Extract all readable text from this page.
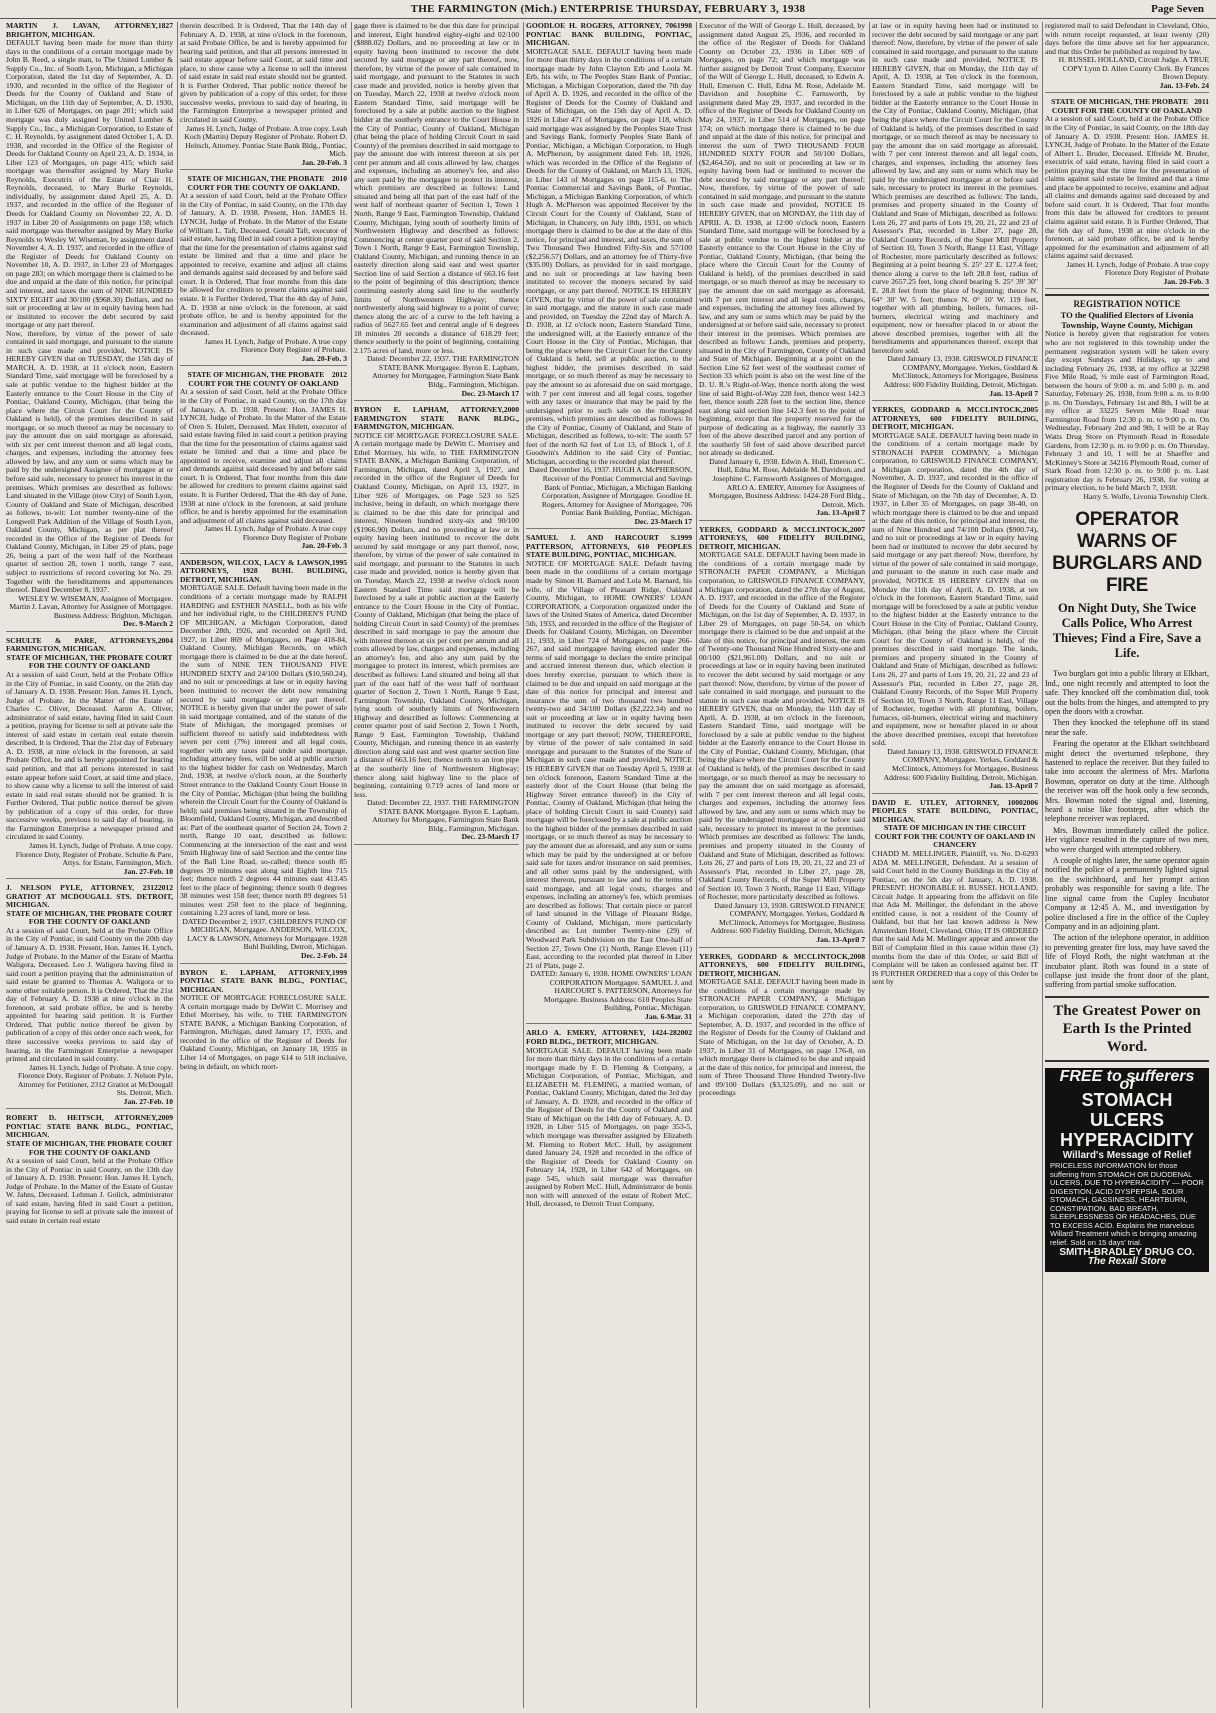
THE FARMINGTON (Mich.) ENTERPRISE THURSDAY, FEBRUARY 3, 1938	Page Seven
1827
MARTIN J. LAVAN, ATTORNEY, BRIGHTON, MICHIGAN.
DEFAULT having been made for more than thirty days in the conditions of a certain mortgage made by John B. Reed, a single man, to The United Lumber & Supply Co., Inc. of South Lyon, Michigan, a Michigan Corporation, dated the 1st day of September, A. D. 1930, and recorded in the office of the Register of Deeds for the County of Oakland and State of Michigan, on the 11th day of September, A. D. 1930, in Liber 626 of Mortgages, on page 201; which said mortgage was duly assigned by United Lumber & Supply Co., Inc., a Michigan Corporation, to Estate of C. H. Reynolds, by assignment dated October 1, A. D. 1938, and recorded in the Office of the Register of Deeds for Oakland County on April 23, A. D. 1934, in Liber 123 of Mortgages, on page 415; which said mortgage was thereafter assigned by Mary Burke Reynolds, Executrix of the Estate of Clair H. Reynolds, deceased, to Mary Burke Reynolds, individually, by assignment dated April 25, A. D. 1937, and recorded in the office of the Register of Deeds for Oakland County on November 22, A. D. 1937 in Liber 20 of Assignments on page 158; which said mortgage was thereafter assigned by Mary Burke Reynolds to Wesley W. Wiseman, by assignment dated November 4, A. D. 1937, and recorded in the office of the Register of Deeds for Oakland County on November 10, A. D. 1937, in Liber 23 of Mortgages on page 283; on which mortgage there is claimed to be due and unpaid at the date of this notice, for principal and interest, and taxes the sum of NINE HUNDRED SIXTY EIGHT and 30/100 ($968.30) Dollars, and no suit or proceeding at law or in equity having been had or instituted to recover the debt secured by said mortgage or any part thereof.
Now, therefore, by virtue of the power of sale contained in said mortgage, and pursuant to the statute in such case made and provided, NOTICE IS HEREBY GIVEN that on TUESDAY, the 15th day of MARCH, A. D. 1938, at 11 o'clock noon, Eastern Standard Time, said mortgage will be foreclosed by a sale at public vendue to the highest bidder at the Easterly entrance to the Court House in the City of Pontiac, Oakland County, Michigan, (that being the place where the Circuit Court for the County of Oakland is held), of the premises described in said mortgage, or so much thereof as may be necessary to pay the amount due on said mortgage as aforesaid, with six per cent interest thereon and all legal costs, charges, and expenses, including the attorney fees allowed by law, and any sum or sums which may be paid by the undersigned Assignee of mortgagee at or before said sale, necessary to protect his interest in the premises. Which premises are described as follows: Land situated in the Village (now City) of South Lyon, County of Oakland and State of Michigan, described as follows, to-wit: Lot number twenty-nine of the Longwell Park Addition of the Village of South Lyon, Oakland County, Michigan, as per plat thereof recorded in the Office of the Register of Deeds for Oakland County, Michigan, in Liber 29 of plats, page 26, being a part of the west half of the Northeast quarter of section 28, town 1 north, range 7 east, subject to restrictions of record covering lot No. 29. Together with the hereditaments and appurtenances thereof. Dated December 8, 1937.
WESLEY W. WISEMAN, Assignee of Mortgagee. Martin J. Lavan, Attorney for Assignee of Mortgagee. Business Address: Brighton, Michigan.
Dec. 9-March 2
2004
SCHULTE & PARE, ATTORNEYS, FARMINGTON, MICHIGAN.
STATE OF MICHIGAN, THE PROBATE COURT FOR THE COUNTY OF OAKLAND
At a session of said Court, held at the Probate Office in the City of Pontiac, in said County, on the 26th day of January A. D. 1938. Present: Hon. James H. Lynch, Judge of Probate. In the Matter of the Estate of Charles C. Oliver, Deceased. Aaron A. Oliver, administrator of said estate, having filed in said Court a petition, praying for license to sell at private sale the interest of said estate in certain real estate therein described, It is Ordered, That the 21st day of February A. D. 1938, at nine o'clock in the forenoon, at said Probate Office, be and is hereby appointed for hearing said petition, and that all persons interested in said estate appear before said Court, at said time and place, to show cause why a license to sell the interest of said estate in said real estate should not be granted. It is Further Ordered, That public notice thereof be given by publication of a copy of this order, for three successive weeks, previous to said day of hearing, in the Farmington Enterprise a newspaper printed and circulated in said County.
James H. Lynch, Judge of Probate. A true copy. Florence Doty, Register of Probate. Schulte & Pare, Attys. for Estate, Farmington, Mich.
Jan. 27-Feb. 10
2012
J. NELSON PYLE, ATTORNEY, 2312 GRATIOT AT MCDOUGALL STS. DETROIT, MICHIGAN.
STATE OF MICHIGAN, THE PROBATE COURT FOR THE COUNTY OF OAKLAND
At a session of said Court, held at the Probate Office in the City of Pontiac, in said County on the 20th day of January A. D. 1938. Present, Hon. James H. Lynch, Judge of Probate. In the Matter of the Estate of Martha Waligora, Deceased. Leo J. Waligora having filed in said court a petition praying that the administration of said estate be granted to Thomas A. Waligora or to some other suitable person. It is Ordered, That the 21st day of February A. D. 1938 at nine o'clock in the forenoon, at said probate office, be and is hereby appointed for hearing said petition. It is Further Ordered, That public notice thereof be given by publication of a copy of this order once each week, for three successive weeks previous to said day of hearing, in the Farmington Enterprise a newspaper printed and circulated in said county.
James H. Lynch, Judge of Probate. A true copy. Florence Doty, Register of Probate. J. Nelson Pyle, Attorney for Petitioner, 2312 Gratiot at McDougall Sts. Detroit, Mich.
Jan. 27-Feb. 10
2009
ROBERT D. HEITSCH, ATTORNEY, PONTIAC STATE BANK BLDG., PONTIAC, MICHIGAN.
STATE OF MICHIGAN, THE PROBATE COURT FOR THE COUNTY OF OAKLAND
At a session of said Court, held at the Probate Office in the City of Pontiac in said County, on the 13th day of January A. D. 1938. Present: Hon. James H. Lynch, Judge of Probate. In the Matter of the Estate of Gustav W. Jahns, Deceased. Lehman J. Golick, administrator of said estate, having filed in said Court a petition, praying for license to sell at private sale the interest of said estate in certain real estate
therein described. It is Ordered, That the 14th day of February A. D. 1938, at nine o'clock in the forenoon, at said Probate Office, be and is hereby appointed for hearing said petition, and that all persons interested in said estate appear before said Court, at said time and place, to show cause why a license to sell the interest of said estate in said real estate should not be granted. It is Further Ordered, That public notice thereof be given by publication of a copy of this order, for three successive weeks, previous to said day of hearing, in the Farmington Enterprise a newspaper printed and circulated in said County.
James H. Lynch, Judge of Probate. A true copy. Leah Koch (Martin) Deputy Register of Probate. Robert D. Heitsch, Attorney. Pontiac State Bank Bldg., Pontiac, Mich.
Jan. 20-Feb. 3
2010
STATE OF MICHIGAN, THE PROBATE COURT FOR THE COUNTY OF OAKLAND.
At a session of said Court, held at the Probate Office in the City of Pontiac, in said County, on the 17th day of January, A. D. 1938. Present, Hon. JAMES H. LYNCH, Judge of Probate. In the Matter of the Estate of William L. Taft, Deceased. Gerald Taft, executor of said estate, having filed in said court a petition praying that the time for the presentation of claims against said estate be limited and that a time and place be appointed to receive, examine and adjust all claims and demands against said deceased by and before said court. It is Ordered, That four months from this date be allowed for creditors to present claims against said estate. It is Further Ordered, That the 4th day of June, A. D. 1938 at nine o'clock in the forenoon, at said probate office, be and is hereby appointed for the examination and adjustment of all claims against said deceased.
James H. Lynch, Judge of Probate. A true copy Florence Doty Register of Probate.
Jan. 20-Feb. 3
2012
STATE OF MICHIGAN, THE PROBATE COURT FOR THE COUNTY OF OAKLAND
At a session of said Court, held at the Probate Office in the City of Pontiac, in said County, on the 17th day of January, A. D. 1938. Present: Hon. JAMES H. LYNCH, Judge of Probate. In the Matter of the Estate of Oren S. Hulett, Deceased. Max Hulett, executor of said estate having filed in said court a petition praying that the time for the presentation of claims against said estate be limited and that a time and place be appointed to receive, examine and adjust all claims and demands against said deceased by and before said court. It is Ordered, That four months from this date be allowed for creditors to present claims against said estate. It is Further Ordered, That the 4th day of June, 1938 at nine o'clock in the forenoon, at said probate office, be and is hereby appointed for the examination and adjustment of all claims against said deceased.
James H. Lynch, Judge of Probate. A true copy Florence Doty Register of Probate
Jan. 20-Feb. 3
1995
ANDERSON, WILCOX, LACY & LAWSON, ATTORNEYS, 1928 BUHL BUILDING, DETROIT, MICHIGAN.
MORTGAGE SALE. Default having been made in the conditions of a certain mortgage made by RALPH HARDING and ESTHER NASELL, both as his wife and her individual right, to the CHILDREN'S FUND OF MICHIGAN, a Michigan Corporation, dated December 28th, 1926, and recorded on April 3rd, 1927, in Liber 869 of Mortgages, on Page 418-84, Oakland County, Michigan Records, on which mortgage there is claimed to be due at the date hereof, the sum of NINE TEN THOUSAND FIVE HUNDRED SIXTY and 24/100 Dollars ($10,560.24), and no suit or proceedings at law or in equity having been instituted to recover the debt now remaining secured by said mortgage or any part thereof. NOTICE is hereby given that under the power of sale in said mortgage contained, and of the statute of the State of Michigan, the mortgaged premises or sufficient thereof to satisfy said indebtedness with seven per cent (7%) interest and all legal costs, together with any taxes paid under said mortgage, including attorney fees, will be sold at public auction to the highest bidder for cash on Wednesday, March 2nd, 1938, at twelve o'clock noon, at the Southerly Street entrance to the Oakland County Court House in the City of Pontiac, Michigan (that being the building wherein the Circuit Court for the County of Oakland is held); said premises being situated in the Township of Bloomfield, Oakland County, Michigan, and described as: Part of the southeast quarter of Section 24, Town 2 north, Range 10 east, described as follows: Commencing at the intersection of the east and west Smith Highway line of said Section and the center line of the Ball Line Road, so-called; thence south 85 degrees 39 minutes east along said Eighth line 715 feet; thence north 2 degrees 44 minutes east 413.45 feet to the place of beginning; thence south 0 degrees 38 minutes west 158 feet; thence north 89 degrees 51 minutes west 250 feet to the place of beginning, containing 1.23 acres of land, more or less.
DATED December 2, 1937. CHILDREN'S FUND OF MICHIGAN, Mortgagee. ANDERSON, WILCOX, LACY & LAWSON, Attorneys for Mortgagee. 1928 Buhl Building, Detroit, Michigan.
Dec. 2-Feb. 24
1999
BYRON E. LAPHAM, ATTORNEY, PONTIAC STATE BANK BLDG., PONTIAC, MICHIGAN.
NOTICE OF MORTGAGE FORECLOSURE SALE. A certain mortgage made by DeWitt C. Morrisey and Ethel Morrisey, his wife, to THE FARMINGTON STATE BANK, a Michigan Banking Corporation, of Farmington, Michigan, dated January 17, 1935, and recorded in the office of the Register of Deeds for Oakland County, Michigan, on January 18, 1935 in Liber 14 of Mortgages, on page 614 to 518 inclusive, being in default, on which mort-
gage there is claimed to be due this date for principal and interest, Eight hundred eighty-eight and 02/100 ($888.02) Dollars, and no proceeding at law or in equity having been instituted to recover the debt secured by said mortgage or any part thereof, now, therefore, by virtue of the power of sale contained in said mortgage, and pursuant to the Statutes in such case made and provided, notice is hereby given that on Tuesday, March 22, 1938 at twelve o'clock noon Eastern Standard Time, said mortgage will be foreclosed by a sale at public auction to the highest bidder at the southerly entrance to the Court House in the City of Pontiac, County of Oakland, Michigan (that being the place of holding Circuit Court in said County) of the premises described in said mortgage to pay the amount due with interest thereon at six per cent per annum and all costs allowed by law, charges and expenses, including an attorney's fee, and also any sum paid by the mortgagee to protect its interest, which premises are described as follows: Land situated and being all that part of the east half of the west half of northeast quarter of Section 1, Town 1 North, Range 9 East, Farmington Township, Oakland County, Michigan, lying south of southerly limits of Northwestern Highway and described as follows: Commencing at center quarter post of said Section 2, Town 1 North, Range 9 East, Farmington Township, Oakland County, Michigan, and running thence in an easterly direction along said east and west quarter Section line of said Section a distance of 663.16 feet to the point of beginning of this description; thence continuing easterly along said line to the southerly limits of Northwestern Highway; thence northwesterly along said highway to a point of curve; thence along the arc of a curve to the left having a radius of 5627.65 feet and central angle of 6 degrees 18 minutes 20 seconds a distance of 618.29 feet; thence southerly to the point of beginning, containing 2.175 acres of land, more or less.
Dated: December 22, 1937. THE FARMINGTON STATE BANK Mortgagee. Byron E. Lapham, Attorney for Mortgagee, Farmington State Bank Bldg., Farmington, Michigan.
Dec. 23-March 17
2000
BYRON E. LAPHAM, ATTORNEY, FARMINGTON STATE BANK BLDG., FARMINGTON, MICHIGAN.
NOTICE OF MORTGAGE FORECLOSURE SALE. A certain mortgage made by DeWitt C. Morrisey and Ethel Morrisey, his wife, to THE FARMINGTON STATE BANK, a Michigan Banking Corporation, of Farmington, Michigan, dated April 3, 1927, and recorded in the office of the Register of Deeds for Oakland County, Michigan, on April 13, 1927, in Liber 926 of Mortgages, on Page 523 to 525 inclusive, being in default, on which mortgage there is claimed to be due this date for principal and interest, Nineteen hundred sixty-six and 90/100 ($1966.90) Dollars, and no proceeding at law or in equity having been instituted to recover the debt secured by said mortgage or any part thereof, now, therefore, by virtue of the power of sale contained in said mortgage, and pursuant to the Statutes in such case made and provided, notice is hereby given that on Tuesday, March 22, 1938 at twelve o'clock noon Eastern Standard Time said mortgage will be foreclosed by a sale at public auction at the Easterly entrance to the Court House in the City of Pontiac, County of Oakland, Michigan (that being the place of holding Circuit Court in said County) of the premises described in said mortgage to pay the amount due with interest thereon at six per cent per annum and all costs allowed by law, charges and expenses, including an attorney's fee, and also any sum paid by the mortgagee to protect its interest, which premises are described as follows: Land situated and being all that part of the east half of the west half of northeast quarter of Section 2, Town 1 North, Range 9 East, Farmington Township, Oakland County, Michigan, lying south of southerly limits of Northwestern Highway and described as follows: Commencing at center quarter post of said Section 2, Town 1 North, Range 9 East, Farmington Township, Oakland County, Michigan, and running thence in an easterly direction along said east and west quarter section line a distance of 663.16 feet; thence north to an iron pipe at the southerly line of Northwestern Highway; thence along said highway line to the place of beginning, containing 0.719 acres of land more or less.
Dated: December 22, 1937. THE FARMINGTON STATE BANK Mortgagee. Byron E. Lapham, Attorney for Mortgagee, Farmington State Bank Bldg., Farmington, Michigan.
Dec. 23-March 17
1998
GOODLOE H. ROGERS, ATTORNEY, 706 PONTIAC BANK BUILDING, PONTIAC, MICHIGAN.
MORTGAGE SALE. DEFAULT having been made for more than thirty days in the conditions of a certain mortgage made by John Clayton Erb and Loola M. Erb, his wife, to The Peoples State Bank of Pontiac, Michigan, a Michigan Corporation, dated the 7th day of April A. D. 1926, and recorded in the office of the Register of Deeds for the County of Oakland and State of Michigan, on the 15th day of April A. D. 1926 in Liber 471 of Mortgages, on page 118, which said mortgage was assigned by the Peoples State Trust and Savings Bank, formerly Peoples State Bank of Pontiac, Michigan, a Michigan Corporation, to Hugh A. McPherson, by assignment dated Feb. 18, 1926, which was recorded in the Office of the Register of Deeds for the County of Oakland, on March 13, 1926, in Liber 143 of Mortgages on page 115-6, to The Pontiac Commercial and Savings Bank, of Pontiac, Michigan, a Michigan Banking Corporation, of which Hugh A. McPherson was appointed Receiver by the Circuit Court for the County of Oakland, State of Michigan, in Chancery, on July 18th, 1931, on which mortgage there is claimed to be due at the date of this notice, for principal and interest, and taxes, the sum of Two Thousand Two Hundred Fifty-Six and 57/100 ($2,256.57) Dollars, and an attorney fee of Thirty-five ($35.00) Dollars, as provided for in said mortgage, and no suit or proceedings at law having been instituted to recover the moneys secured by said mortgage, or any part thereof. NOTICE IS HEREBY GIVEN, that by virtue of the power of sale contained in said mortgage, and the statute in such case made and provided, on Tuesday the 22nd day of March A. D. 1938, at 12 o'clock noon, Eastern Standard Time, the undersigned will, at the Easterly entrance of the Court House in the City of Pontiac, Michigan, that being the place where the Circuit Court for the County of Oakland is held, sell at public auction, to the highest bidder, the premises described in said mortgage, or so much thereof as may be necessary to pay the amount so as aforesaid due on said mortgage, with 7 per cent interest and all legal costs, together with any taxes or insurance that may be paid by the undersigned prior to such sale on the mortgaged premises, which premises are described as follows: In the City of Pontiac, County of Oakland, and State of Michigan, described as follows, to-wit: The south 57 feet of the north 62 feet of Lot 13, of Block 1, of J. Goodwin's Addition to the said City of Pontiac, Michigan, according to the recorded plat thereof.
Dated December 16, 1937. HUGH A. McPHERSON, Receiver of the Pontiac Commercial and Savings Bank of Pontiac, Michigan, a Michigan Banking Corporation, Assignee of Mortgagee. Goodloe H. Rogers, Attorney for Assignee of Mortgagee, 706 Pontiac Bank Building, Pontiac, Michigan.
Dec. 23-March 17
1999
SAMUEL J. AND HARCOURT S. PATTERSON, ATTORNEYS, 610 PEOPLES STATE BUILDING, PONTIAC, MICHIGAN.
NOTICE OF MORTGAGE SALE. Default having been made in the conditions of a certain mortgage made by Simon H. Barnard and Lola M. Barnard, his wife, of the Village of Pleasant Ridge, Oakland County, Michigan, to HOME OWNERS' LOAN CORPORATION, a Corporation organized under the laws of the United States of America, dated December 5th, 1933, and recorded in the office of the Register of Deeds for Oakland County, Michigan, on December 11, 1933, in Liber 724 of Mortgages, on page 266-267, and said mortgagee having elected under the terms of said mortgage to declare the entire principal and accrued interest thereon due, which election it does hereby exercise, pursuant to which there is claimed to be due and unpaid on said mortgage at the date of this notice for principal and interest and insurance the sum of two thousand two hundred twenty-two and 34/100 Dollars ($2,222.34) and no suit or proceeding at law or in equity having been instituted to recover the debt secured by said mortgage or any part thereof; NOW, THEREFORE, by virtue of the power of sale contained in said mortgage and pursuant to the Statutes of the State of Michigan in such case made and provided, NOTICE IS HEREBY GIVEN that on Tuesday April 5, 1938 at ten o'clock forenoon, Eastern Standard Time at the easterly door of the Court House (that being the Highway Street entrance thereof) in the City of Pontiac, County of Oakland, Michigan (that being the place of holding Circuit Court in said County) said mortgage will be foreclosed by a sale at public auction to the highest bidder of the premises described in said mortgage, or so much thereof as may be necessary to pay the amount due as aforesaid, and any sum or sums which may be paid by the undersigned at or before said sale for taxes and/or insurance on said premises, and all other sums paid by the undersigned, with interest thereon, pursuant to law and to the terms of said mortgage, and all legal costs, charges and expenses, including an attorney's fee, which premises are described as follows: That certain piece or parcel of land situated in the Village of Pleasant Ridge, County of Oakland, Michigan, more particularly described as: Lot number Twenty-nine (29) of Woodward Park Subdivision on the East One-half of Section 27, Town One (1) North, Range Eleven (11) East, according to the recorded plat thereof in Liber 21 of Plats, page 2.
DATED: January 6, 1938. HOME OWNERS' LOAN CORPORATION Mortgagee. SAMUEL J. and HARCOURT S. PATTERSON, Attorneys for Mortgagee. Business Address: 610 Peoples State Building, Pontiac, Michigan.
Jan. 6-Mar. 31
2002
ARLO A. EMERY, ATTORNEY, 1424-28 FORD BLDG., DETROIT, MICHIGAN.
MORTGAGE SALE. DEFAULT having been made for more than thirty days in the conditions of a certain mortgage made by F. D. Fleming & Company, a Michigan Corporation, of Pontiac, Michigan, and ELIZABETH M. FLEMING, a married woman, of Pontiac, Oakland County, Michigan, dated the 3rd day of January, A. D. 1928, and recorded in the office of the Register of Deeds for the County of Oakland and State of Michigan on the 14th day of February, A. D. 1928, in Liber 515 of Mortgages, on page 353-5, which mortgage was thereafter assigned by Elizabeth M. Fleming to Robert McC. Hull, by assignment dated January 24, 1928 and recorded in the office of the Register of Deeds for Oakland County on February 14, 1928, in Liber 642 of Mortgages, on page 545, which said mortgage was thereafter assigned by Robert McC. Hull, Administrator de bonis non with will annexed of the estate of Robert McC. Hull, deceased, to Detroit Trust Company,
Executor of the Will of George L. Hull, deceased, by assignment dated August 25, 1936, and recorded in the office of the Register of Deeds for Oakland County on October 23, 1936 in Liber 609 of Mortgages, on page 72; and which mortgage was further assigned by Detroit Trust Company, Executor of the Will of George L. Hull, deceased, to Edwin A. Hull, Emerson C. Hull, Edna M. Rose, Adelaide M. Davidson and Josephine C. Farnsworth, by assignment dated May 29, 1937, and recorded in the office of the Register of Deeds for Oakland County on May 24, 1937, in Liber 514 of Mortgages, on page 174; on which mortgage there is claimed to be due and unpaid at the date of this notice, for principal and interest the sum of TWO THOUSAND FOUR HUNDRED SIXTY FOUR and 50/100 Dollars, ($2,464.50), and no suit or proceeding at law or in equity having been had or instituted to recover the debt secured by said mortgage or any part thereof; Now, therefore, by virtue of the power of sale contained in said mortgage, and pursuant to the statute in such case made and provided, NOTICE IS HEREBY GIVEN, that on MONDAY, the 11th day of APRIL A. D. 1938, at 12:00 o'clock noon, Eastern Standard Time, said mortgage will be foreclosed by a sale at public vendue to the highest bidder at the Easterly entrance to the Court House in the City of Pontiac, Oakland County, Michigan, (that being the place where the Circuit Court for the County of Oakland is held), of the premises described in said mortgage, or so much thereof as may be necessary to pay the amount due on said mortgage as aforesaid, with 7 per cent interest and all legal costs, charges, and expenses, including the attorney fees allowed by law, and any sum or sums which may be paid by the undersigned at or before said sale, necessary to protect their interest in the premises. Which premises are described as follows: Lands, premises and property, situated in the City of Farmington, County of Oakland and State of Michigan. Beginning at a point on the Section Line 62 feet west of the southeast corner of Section 33 which point is also on the west line of the D. U. R.'s Right-of-Way, thence north along the west line of said Right-of-Way 228 feet, thence west 142.3 feet, thence south 228 feet to the section line, thence east along said section line 142.3 feet to the point of beginning, except that the property reserved for the purpose of dedicating as a highway, the easterly 33 feet of the above described parcel and any portion of the southerly 50 feet of said above described parcel not already so dedicated.
Dated January 6, 1938. Edwin A. Hull, Emerson C. Hull, Edna M. Rose, Adelaide M. Davidson, and Josephine C. Farnsworth Assignees of Mortgagee. ARLO A. EMERY, Attorney for Assignees of Mortgagee, Business Address: 1424-28 Ford Bldg., Detroit, Mich.
Jan. 13-April 7
2007
YERKES, GODDARD & MCCLINTOCK, ATTORNEYS, 600 FIDELITY BUILDING, DETROIT, MICHIGAN.
MORTGAGE SALE. DEFAULT having been made in the conditions of a certain mortgage made by STRONACH PAPER COMPANY, a Michigan corporation, to GRISWOLD FINANCE COMPANY, a Michigan corporation, dated the 27th day of August, A. D. 1937, and recorded in the office of the Register of Deeds for the County of Oakland and State of Michigan, on the 1st day of September, A. D. 1937, in Liber 29 of Mortgages, on page 50-54, on which mortgage there is claimed to be due and unpaid at the date of this notice, for principal and interest, the sum of Twenty-one Thousand Nine Hundred Sixty-one and 00/100 ($21,961.00) Dollars, and no suit or proceedings at law or in equity having been instituted to recover the debt secured by said mortgage or any part thereof: Now, therefore, by virtue of the power of sale contained in said mortgage, and pursuant to the statute in such case made and provided, NOTICE IS HEREBY GIVEN, that on Monday, the 11th day of April, A. D. 1938, at ten o'clock in the forenoon, Eastern Standard Time, said mortgage will be foreclosed by a sale at public vendue to the highest bidder at the Easterly entrance to the Court House in the City of Pontiac, Oakland County, Michigan, (that being the place where the Circuit Court for the County of Oakland is held), of the premises described in said mortgage, or so much thereof as may be necessary to pay the amount due on said mortgage as aforesaid, with 7 per cent interest thereon and all legal costs, charges and expenses, including the attorney fees allowed by law, and any sum or sums which may be paid by the undersigned mortgagee at or before said sale, necessary to protect its interest in the premises. Which premises are described as follows: The lands, premises and property situated in the County of Oakland and State of Michigan, described as follows: Lots 26, 27 and parts of Lots 19, 20, 21, 22 and 23 of Assessor's Plat, recorded in Liber 27, page 28, Oakland County Records, of the Super Mill Property of Section 10, Town 3 North, Range 11 East, Village of Rochester, more particularly described as follows.
Dated January 13, 1938. GRISWOLD FINANCE COMPANY, Mortgagee. Yerkes, Goddard & McClintock, Attorneys for Mortgagee, Business Address: 600 Fidelity Building, Detroit, Michigan.
Jan. 13-April 7
2008
YERKES, GODDARD & MCCLINTOCK, ATTORNEYS, 600 FIDELITY BUILDING, DETROIT, MICHIGAN.
MORTGAGE SALE. DEFAULT having been made in the conditions of a certain mortgage made by STRONACH PAPER COMPANY, a Michigan corporation, to GRISWOLD FINANCE COMPANY, a Michigan corporation, dated the 27th day of September, A. D. 1937, and recorded in the office of the Register of Deeds for the County of Oakland and State of Michigan, on the 1st day of October, A. D. 1937, in Liber 31 of Mortgages, on page 176-8, on which mortgage there is claimed to be due and unpaid at the date of this notice, for principal and interest, the sum of Three Thousand Three Hundred Twenty-five and 09/100 Dollars ($3,325.09), and no suit or proceedings
at law or in equity having been had or instituted to recover the debt secured by said mortgage or any part thereof: Now, therefore, by virtue of the power of sale contained in said mortgage, and pursuant to the statute in such case made and provided, NOTICE IS HEREBY GIVEN, that on Monday, the 11th day of April, A. D. 1938, at Ten o'clock in the forenoon, Eastern Standard Time, said mortgage will be foreclosed by a sale at public vendue to the highest bidder at the Easterly entrance to the Court House in the City of Pontiac, Oakland County, Michigan, (that being the place where the Circuit Court for the County of Oakland is held), of the premises described in said mortgage, or so much thereof as may be necessary to pay the amount due on said mortgage as aforesaid, with 7 per cent interest thereon and all legal costs, charges, and expenses, including the attorney fees allowed by law, and any sum or sums which may be paid by the undersigned mortgagee at or before said sale, necessary to protect its interest in the premises. Which premises are described as follows: The lands, premises and property situated in the County of Oakland and State of Michigan, described as follows: Lots 26, 27 and parts of Lots 19, 20, 21, 22 and 23 of Assessor's Plat, recorded in Liber 27, page 28, Oakland County Records, of the Super Mill Property of Section 10, Town 3 North, Range 11 East, Village of Rochester, more particularly described as follows: Beginning at a point bearing S. 25° 23' E. 127.4 feet; thence along a curve to the left 28.8 feet, radius of curve 2657.25 feet, long chord bearing S. 25° 39' 30" E. 28.8 feet from the place of beginning; thence N. 64° 30' W. 5 feet; thence N. 0° 10' W. 119 feet, together with all plumbing, boilers, furnaces, oil-burners, electrical wiring and machinery and equipment, now or hereafter placed in or about the above described premises, together with all the hereditaments and appurtenances thereof, except that heretofore sold.
Dated January 13, 1938. GRISWOLD FINANCE COMPANY, Mortgagee. Yerkes, Goddard & McClintock, Attorneys for Mortgagee, Business Address: 600 Fidelity Building, Detroit, Michigan.
Jan. 13-April 7
2005
YERKES, GODDARD & MCCLINTOCK, ATTORNEYS, 600 FIDELITY BUILDING, DETROIT, MICHIGAN.
MORTGAGE SALE. DEFAULT having been made in the conditions of a certain mortgage made by STRONACH PAPER COMPANY, a Michigan corporation, to GRISWOLD FINANCE COMPANY, a Michigan corporation, dated the 4th day of November, A. D. 1937, and recorded in the office of the Register of Deeds for the County of Oakland and State of Michigan, on the 7th day of December, A. D. 1937, in Liber 35 of Mortgages, on page 38-40, on which mortgage there is claimed to be due and unpaid at the date of this notice, for principal and interest, the sum of Nine Hundred and 74/100 Dollars ($900.74), and no suit or proceedings at law or in equity having been had or instituted to recover the debt secured by said mortgage or any part thereof: Now, therefore, by virtue of the power of sale contained in said mortgage, and pursuant to the statute in such case made and provided, NOTICE IS HEREBY GIVEN that on Monday the 11th day of April, A. D. 1938, at ten o'clock in the forenoon, Eastern Standard Time, said mortgage will be foreclosed by a sale at public vendue to the highest bidder at the Easterly entrance to the Court House in the City of Pontiac, Oakland County, Michigan, (that being the place where the Circuit Court for the County of Oakland is held), of the premises described in said mortgage. The lands, premises and property situated in the County of Oakland and State of Michigan, described as follows: Lots 26, 27 and parts of Lots 19, 20, 21, 22 and 23 of Assessor's Plat, recorded in Liber 27, page 28, Oakland County Records, of the Super Mill Property of Section 10, Town 3 North, Range 11 East, Village of Rochester, together with all plumbing, boilers, furnaces, oil-burners, electrical wiring and machinery and equipment, now or hereafter placed in or about the above described premises, except that heretofore sold.
Dated January 13, 1938. GRISWOLD FINANCE COMPANY, Mortgagee. Yerkes, Goddard & McClintock, Attorneys for Mortgagee, Business Address: 600 Fidelity Building, Detroit, Michigan.
Jan. 13-April 7
2006
DAVID E. UTLEY, ATTORNEY, 1000 PEOPLES STATE BUILDING, PONTIAC, MICHIGAN.
STATE OF MICHIGAN IN THE CIRCUIT COURT FOR THE COUNTY OF OAKLAND IN CHANCERY
CHADD M. MELLINGER, Plaintiff, vs. No. D-6293 ADA M. MELLINGER, Defendant. At a session of said Court held in the County Buildings in the City of Pontiac, on the 5th day of January, A. D. 1938. PRESENT: HONORABLE H. RUSSEL HOLLAND, Circuit Judge. It appearing from the affidavit on file that Ada M. Mellinger, the defendant in the above entitled cause, is not a resident of the County of Oakland, but that her last known address is New Amsterdam Hotel, Cleveland, Ohio; IT IS ORDERED that the said Ada M. Mellinger appear and answer the Bill of Complaint filed in this cause within three (3) months from the date of this Order, or said Bill of Complaint will be taken as confessed against her. IT IS FURTHER ORDERED that a copy of this Order be sent by
registered mail to said Defendant in Cleveland, Ohio, with return receipt requested, at least twenty (20) days before the time above set for her appearance, and that this Order be published as required by law.
H. RUSSEL HOLLAND, Circuit Judge. A TRUE COPY Lynn D. Allen County Clerk. By Frances Brown Deputy.
Jan. 13-Feb. 24
2011
STATE OF MICHIGAN, THE PROBATE COURT FOR THE COUNTY OF OAKLAND
At a session of said Court, held at the Probate Office in the City of Pontiac, in said County, on the 18th day of January A. D. 1938. Present: Hon. JAMES H. LYNCH, Judge of Probate. In the Matter of the Estate of Albert L. Bruder, Deceased. Elfreide M. Bruder, executrix of said estate, having filed in said court a petition praying that the time for the presentation of claims against said estate be limited and that a time and place be appointed to receive, examine and adjust all claims and demands against said deceased by and before said court. It is Ordered, That four months from this date be allowed for creditors to present claims against said estate. It is Further Ordered, That the 6th day of June, 1938 at nine o'clock in the forenoon, at said probate office, be and is hereby appointed for the examination and adjustment of all claims against said deceased.
James H. Lynch, Judge of Probate. A true copy Florence Doty Register of Probate
Jan. 20-Feb. 3
REGISTRATION NOTICE
TO the Qualified Electors of Livonia Township, Wayne County, Michigan
Notice is hereby given that registration for voters who are not registered in this township under the permanent registration system will be taken every day except Sundays and Holidays, up to and including February 26, 1938, at my office at 32298 Five Mile Road, ½ mile east of Farmington Road, between the hours of 9:00 a. m. and 5:00 p. m. and Saturday, February 26, 1938, from 9:00 a. m. to 8:00 p. m. On Tuesdays, February 1st and 8th, I will be at my office at 33225 Seven Mile Road near Farmington Road from 12:30 p. m. to 9:00 p. m. On Wednesday, February 2nd and 9th, I will be at Ray Watts Drug Store on Plymouth Road in Rosedale Gardens, from 12:30 p. m. to 9:00 p. m. On Thursday, February 3 and 10, I will be at Shaeffer and McKinney's Store at 34216 Plymouth Road, corner of Stark Road from 12:30 p. m. to 9:00 p. m. Last registration day is February 26, 1938, for voting at primary election, to be held March 7, 1938.
Harry S. Wolfe, Livonia Township Clerk.
OPERATOR WARNS OF BURGLARS AND FIRE
On Night Duty, She Twice Calls Police, Who Arrest Thieves; Find a Fire, Save a Life.

Two burglars got into a public library at Elkhart, Ind., one night recently and attempted to loot the safe. They knocked off the combination dial, took out the bolts from the hinges, and attempted to pry open the doors with a crowbar.

Then they knocked the telephone off its stand near the safe.

Fearing the operator at the Elkhart switchboard might detect the overturned telephone, they hastened to replace the receiver. But they failed to take into account the alertness of Mrs. Marlotta Bowman, operator on duty at the time. Although the receiver was off the hook only a few seconds, Mrs. Bowman noted the signal and, listening, heard a noise like footsteps, after which the telephone receiver was replaced.

Mrs. Bowman immediately called the police. Her vigilance resulted in the capture of two men, who were charged with attempted robbery.

A couple of nights later, the same operator again notified the police of a permanently lighted signal on the switchboard, and her prompt action probably was responsible for saving a life. The line signal came from the Cupley Incubator Company at 12:45 A. M., and investigation by police disclosed a fire in the office of the Cupley Company and in an adjoining plant.

The action of the telephone operator, in addition to preventing greater fire loss, may have saved the life of Floyd Roth, the night watchman at the incubator plant. Roth was found in a state of collapse just inside the front door of the plant, suffering from partial smoke suffocation.

The Greatest Power on Earth Is the Printed Word.
FREE to sufferers of
STOMACH ULCERS
HYPERACIDITY
Willard's Message of Relief
PRICELESS INFORMATION for those suffering from STOMACH OR DUODENAL ULCERS, DUE TO HYPERACIDITY — POOR DIGESTION, ACID DYSPEPSIA, SOUR STOMACH, GASSINESS, HEARTBURN, CONSTIPATION, BAD BREATH, SLEEPLESSNESS OR HEADACHES, DUE TO EXCESS ACID. Explains the marvelous Willard Treatment which is bringing amazing relief. Sold on 15 days' trial.
SMITH-BRADLEY DRUG CO.
The Rexall Store
